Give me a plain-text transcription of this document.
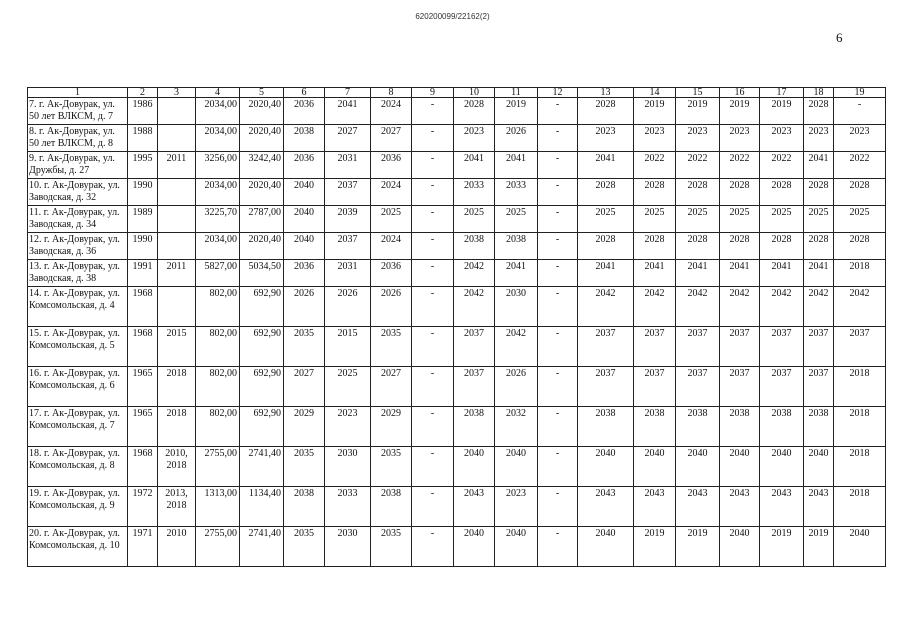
620200099/22162(2)
6
1	2	3	4	5	6	7	8	9	10	11	12	13	14	15	16	17	18	19
7. г. Ак-Довурак, ул. 50 лет ВЛКСМ, д. 7	1986		2034,00	2020,40	2036	2041	2024	-	2028	2019	-	2028	2019	2019	2019	2019	2028	-
8. г. Ак-Довурак, ул. 50 лет ВЛКСМ, д. 8	1988		2034,00	2020,40	2038	2027	2027	-	2023	2026	-	2023	2023	2023	2023	2023	2023	2023
9. г. Ак-Довурак, ул. Дружбы, д. 27	1995	2011	3256,00	3242,40	2036	2031	2036	-	2041	2041	-	2041	2022	2022	2022	2022	2041	2022
10. г. Ак-Довурак, ул. Заводская, д. 32	1990		2034,00	2020,40	2040	2037	2024	-	2033	2033	-	2028	2028	2028	2028	2028	2028	2028
11. г. Ак-Довурак, ул. Заводская, д. 34	1989		3225,70	2787,00	2040	2039	2025	-	2025	2025	-	2025	2025	2025	2025	2025	2025	2025
12. г. Ак-Довурак, ул. Заводская, д. 36	1990		2034,00	2020,40	2040	2037	2024	-	2038	2038	-	2028	2028	2028	2028	2028	2028	2028
13. г. Ак-Довурак, ул. Заводская, д. 38	1991	2011	5827,00	5034,50	2036	2031	2036	-	2042	2041	-	2041	2041	2041	2041	2041	2041	2018
14. г. Ак-Довурак, ул. Комсомольская, д. 4	1968		802,00	692,90	2026	2026	2026	-	2042	2030	-	2042	2042	2042	2042	2042	2042	2042
15. г. Ак-Довурак, ул. Комсомольская, д. 5	1968	2015	802,00	692,90	2035	2015	2035	-	2037	2042	-	2037	2037	2037	2037	2037	2037	2037
16. г. Ак-Довурак, ул. Комсомольская, д. 6	1965	2018	802,00	692,90	2027	2025	2027	-	2037	2026	-	2037	2037	2037	2037	2037	2037	2018
17. г. Ак-Довурак, ул. Комсомольская, д. 7	1965	2018	802,00	692,90	2029	2023	2029	-	2038	2032	-	2038	2038	2038	2038	2038	2038	2018
18. г. Ак-Довурак, ул. Комсомольская, д. 8	1968	2010, 2018	2755,00	2741,40	2035	2030	2035	-	2040	2040	-	2040	2040	2040	2040	2040	2040	2018
19. г. Ак-Довурак, ул. Комсомольская, д. 9	1972	2013, 2018	1313,00	1134,40	2038	2033	2038	-	2043	2023	-	2043	2043	2043	2043	2043	2043	2018
20. г. Ак-Довурак, ул. Комсомольская, д. 10	1971	2010	2755,00	2741,40	2035	2030	2035	-	2040	2040	-	2040	2019	2019	2040	2019	2019	2040
